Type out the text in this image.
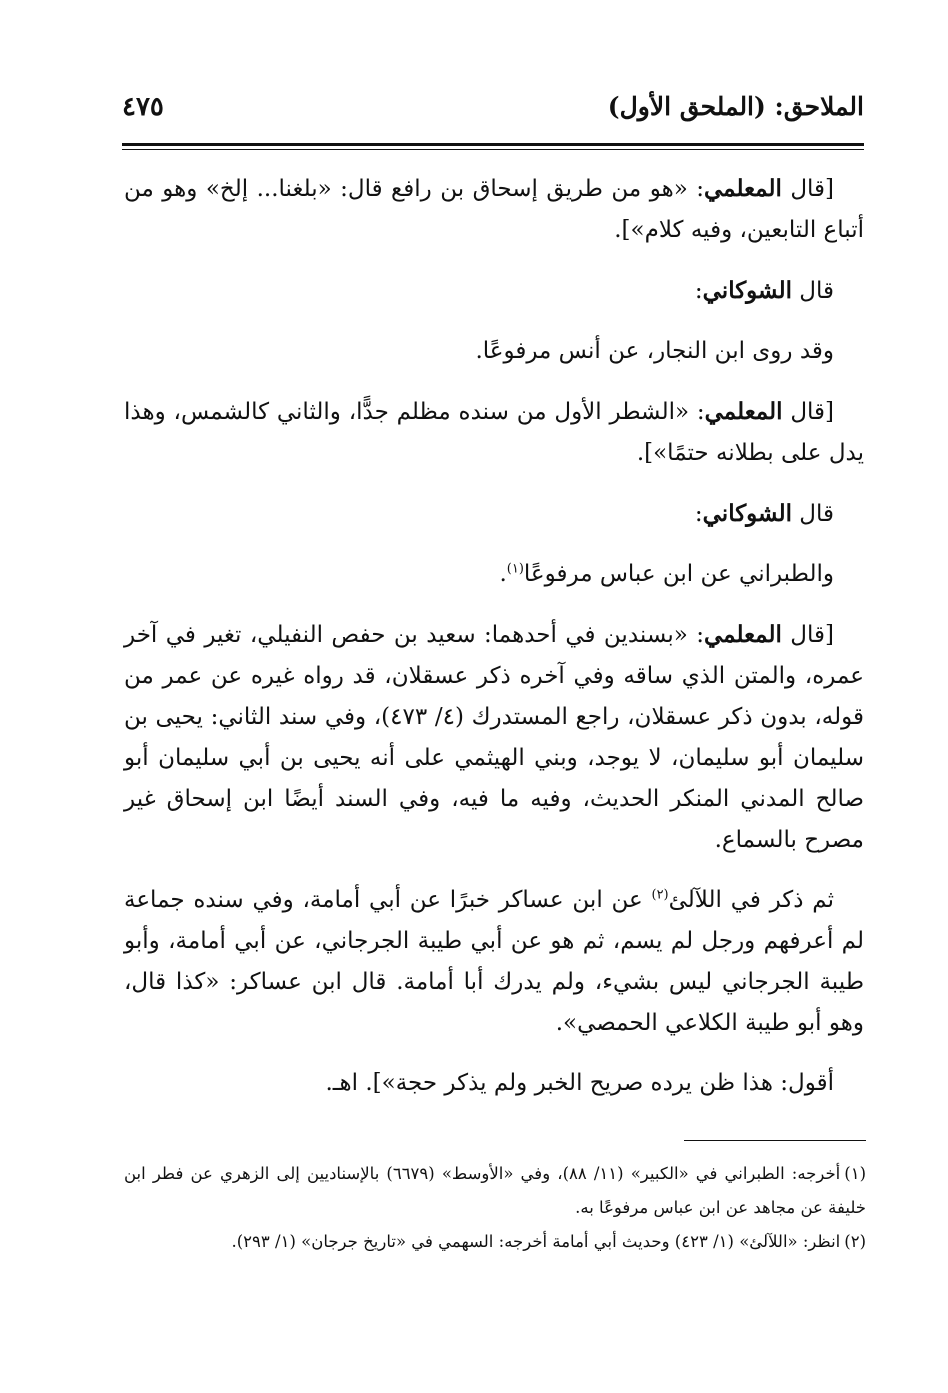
الملاحق: (الملحق الأول)
٤٧٥

[قال المعلمي: «هو من طريق إسحاق بن رافع قال: «بلغنا... إلخ» وهو من أتباع التابعين، وفيه كلام»].

قال الشوكاني:

وقد روى ابن النجار، عن أنس مرفوعًا.

[قال المعلمي: «الشطر الأول من سنده مظلم جدًّا، والثاني كالشمس، وهذا يدل على بطلانه حتمًا»].

قال الشوكاني:

والطبراني عن ابن عباس مرفوعًا$^{(١)}$.

[قال المعلمي: «بسندين في أحدهما: سعيد بن حفص النفيلي، تغير في آخر عمره، والمتن الذي ساقه وفي آخره ذكر عسقلان، قد رواه غيره عن عمر من قوله، بدون ذكر عسقلان، راجع المستدرك (٤/ ٤٧٣)، وفي سند الثاني: يحيى بن سليمان أبو سليمان، لا يوجد، وبني الهيثمي على أنه يحيى بن أبي سليمان أبو صالح المدني المنكر الحديث، وفيه ما فيه، وفي السند أيضًا ابن إسحاق غير مصرح بالسماع.

ثم ذكر في اللآلئ$^{(٢)}$ عن ابن عساكر خبرًا عن أبي أمامة، وفي سنده جماعة لم أعرفهم ورجل لم يسم، ثم هو عن أبي طيبة الجرجاني، عن أبي أمامة، وأبو طيبة الجرجاني ليس بشيء، ولم يدرك أبا أمامة. قال ابن عساكر: «كذا قال، وهو أبو طيبة الكلاعي الحمصي».

أقول: هذا ظن يرده صريح الخبر ولم يذكر حجة»]. اهـ.

(١)أخرجه: الطبراني في «الكبير» (١١/ ٨٨)، وفي «الأوسط» (٦٦٧٩) بالإسناديين إلى الزهري عن فطر ابن خليفة عن مجاهد عن ابن عباس مرفوعًا به.

(٢)انظر: «اللآلئ» (١/ ٤٢٣) وحديث أبي أمامة أخرجه: السهمي في «تاريخ جرجان» (١/ ٢٩٣).
